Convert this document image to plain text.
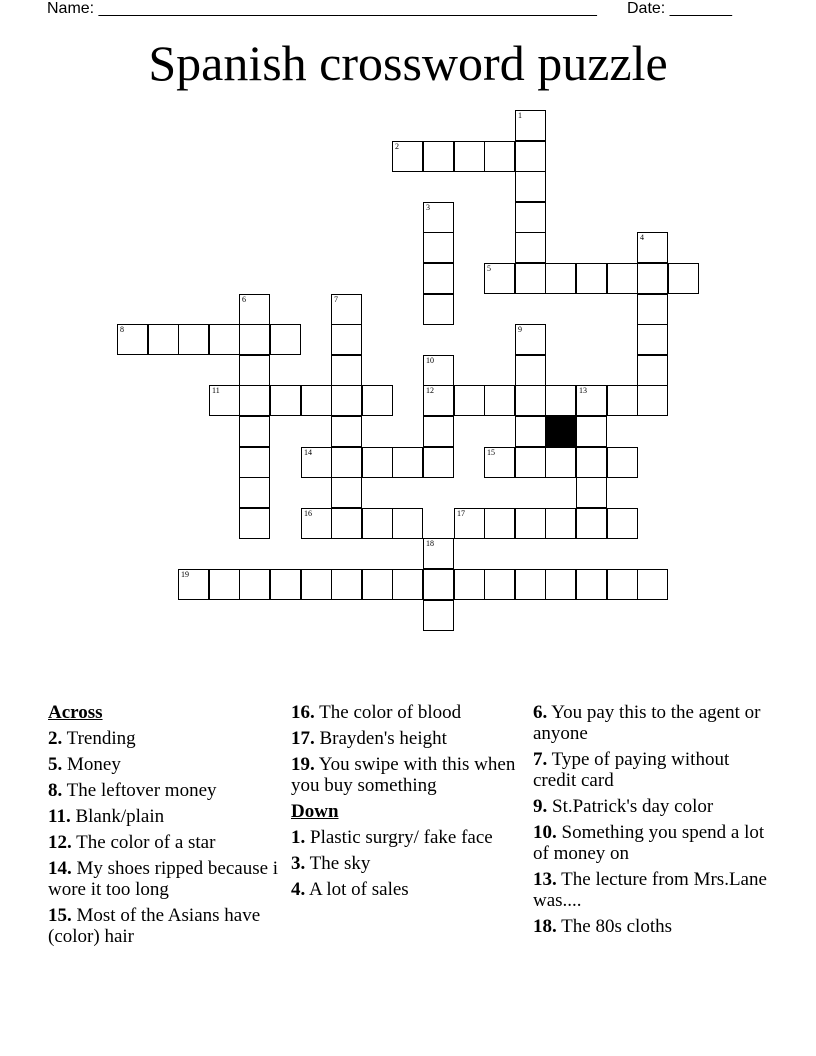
Name: ________________________________________________________ Date: _______
Spanish crossword puzzle
1
2
3
4
5
6	7
8	9
10
12
11	13
14	15
16	17
18
19
Across
2. Trending
5. Money
8. The leftover money
11. Blank/plain
12. The color of a star
14. My shoes ripped because i wore it too long
15. Most of the Asians have (color) hair
16. The color of blood
17. Brayden's height
19. You swipe with this when you buy something
Down
1. Plastic surgry/ fake face
3. The sky
4. A lot of sales
6. You pay this to the agent or anyone
7. Type of paying without credit card
9. St.Patrick's day color
10. Something you spend a lot of money on
13. The lecture from Mrs.Lane was....
18. The 80s cloths
